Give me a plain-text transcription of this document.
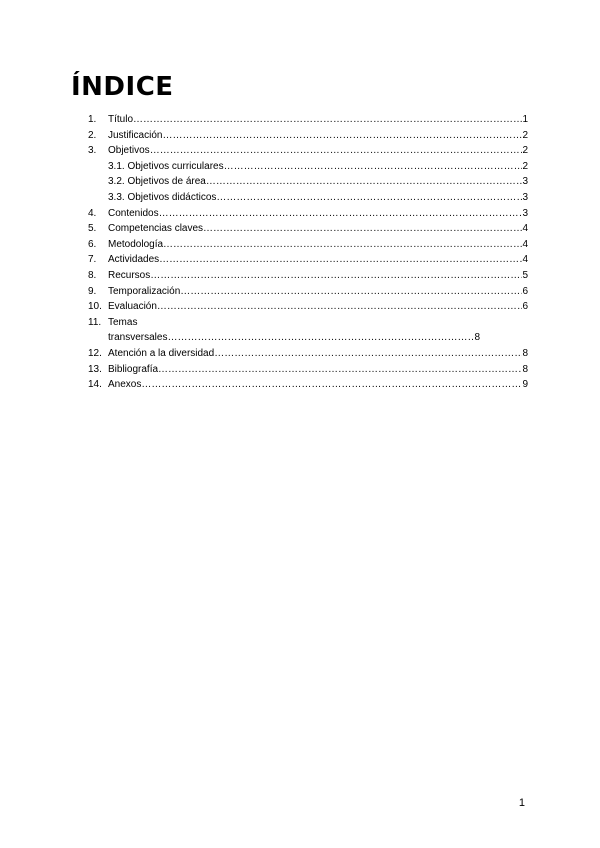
ÍNDICE
1.	Título …………………………………………………………………………………………………………………………………………………………………………………………………………	1
2.	Justificación …………………………………………………………………………………………………………………………………………………………………………………………………………	2
3.	Objetivos …………………………………………………………………………………………………………………………………………………………………………………………………………	2
3.1. Objetivos curriculares …………………………………………………………………………………………………………………………………………………………………………………………………………	2
3.2. Objetivos de área …………………………………………………………………………………………………………………………………………………………………………………………………………	3
3.3. Objetivos didácticos …………………………………………………………………………………………………………………………………………………………………………………………………………	3
4.	Contenidos …………………………………………………………………………………………………………………………………………………………………………………………………………	3
5.	Competencias claves …………………………………………………………………………………………………………………………………………………………………………………………………………	4
6.	Metodología …………………………………………………………………………………………………………………………………………………………………………………………………………	4
7.	Actividades …………………………………………………………………………………………………………………………………………………………………………………………………………	4
8.	Recursos …………………………………………………………………………………………………………………………………………………………………………………………………………	5
9.	Temporalización …………………………………………………………………………………………………………………………………………………………………………………………………………	6
10. Evaluación …………………………………………………………………………………………………………………………………………………………………………………………………………	6
11. Temas
transversales …………………………………………………………………………………………………………………………………………………………………………………………………………	8
12. Atención a la diversidad …………………………………………………………………………………………………………………………………………………………………………………………………………	8
13. Bibliografía …………………………………………………………………………………………………………………………………………………………………………………………………………	8
14. Anexos …………………………………………………………………………………………………………………………………………………………………………………………………………	9
1
